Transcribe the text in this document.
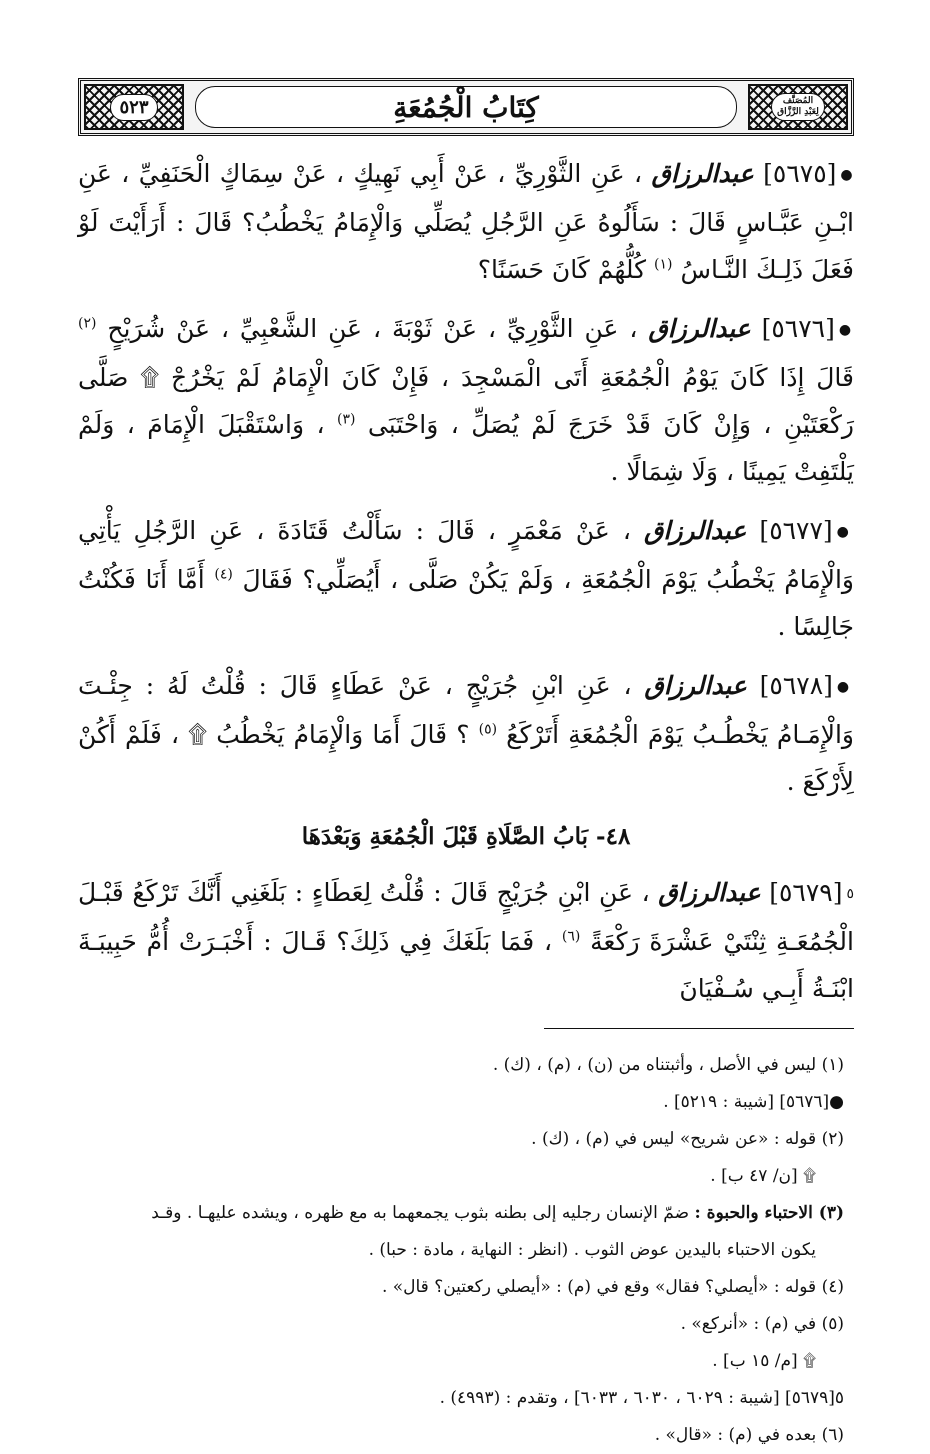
٥٢٣	كِتَابُ الْجُمُعَةِ	المُصَنَّف
لِعَبْدِ الرَّزَّاق

●[٥٦٧٥] عبدالرزاق ، عَنِ الثَّوْرِيِّ ، عَنْ أَبِي نَهِيكٍ ، عَنْ سِمَاكٍ الْحَنَفِيِّ ، عَنِ ابْـنِ عَبَّـاسٍ قَالَ : سَأَلُوهُ عَنِ الرَّجُلِ يُصَلِّي وَالْإِمَامُ يَخْطُبُ؟ قَالَ : أَرَأَيْتَ لَوْ فَعَلَ ذَلِـكَ النَّـاسُ $^{(١)}$ كُلُّهُمْ كَانَ حَسَنًا؟

●[٥٦٧٦] عبدالرزاق ، عَنِ الثَّوْرِيِّ ، عَنْ ثَوْبَةَ ، عَنِ الشَّعْبِيِّ ، عَنْ شُرَيْحٍ $^{(٢)}$ قَالَ إِذَا كَانَ يَوْمُ الْجُمُعَةِ أَتَى الْمَسْجِدَ ، فَإِنْ كَانَ الْإِمَامُ لَمْ يَخْرُجْ ۩ صَلَّى رَكْعَتَيْنِ ، وَإِنْ كَانَ قَدْ خَرَجَ لَمْ يُصَلِّ ، وَاحْتَبَى $^{(٣)}$ ، وَاسْتَقْبَلَ الْإِمَامَ ، وَلَمْ يَلْتَفِتْ يَمِينًا ، وَلَا شِمَالًا .

●[٥٦٧٧] عبدالرزاق ، عَنْ مَعْمَرٍ ، قَالَ : سَأَلْتُ قَتَادَةَ ، عَنِ الرَّجُلِ يَأْتِي وَالْإِمَامُ يَخْطُبُ يَوْمَ الْجُمُعَةِ ، وَلَمْ يَكُنْ صَلَّى ، أَيُصَلِّي؟ فَقَالَ $^{(٤)}$ أَمَّا أَنَا فَكُنْتُ جَالِسًا .

●[٥٦٧٨] عبدالرزاق ، عَنِ ابْنِ جُرَيْجٍ ، عَنْ عَطَاءٍ قَالَ : قُلْتُ لَهُ : جِئْـتَ وَالْإِمَـامُ يَخْطُـبُ يَوْمَ الْجُمُعَةِ أَتَرْكَعُ $^{(٥)}$ ؟ قَالَ أَمَا وَالْإِمَامُ يَخْطُبُ ۩ ، فَلَمْ أَكُنْ لِأَرْكَعَ .

٤٨- بَابُ الصَّلَاةِ قَبْلَ الْجُمُعَةِ وَبَعْدَهَا

٥[٥٦٧٩] عبدالرزاق ، عَنِ ابْنِ جُرَيْجٍ قَالَ : قُلْتُ لِعَطَاءٍ : بَلَغَنِي أَنَّكَ تَرْكَعُ قَبْـلَ الْجُمُعَـةِ ثِنْتَيْ عَشْرَةَ رَكْعَةً $^{(٦)}$ ، فَمَا بَلَغَكَ فِي ذَلِكَ؟ قَـالَ : أَخْبَـرَتْ أُمُّ حَبِيبَـةَ ابْنَـةُ أَبِـي سُـفْيَانَ

(١) ليس في الأصل ، وأثبتناه من (ن) ، (م) ، (ك) .

●[٥٦٧٦] [شيبة : ٥٢١٩] .

(٢) قوله : «عن شريح» ليس في (م) ، (ك) .

۩ [ن/ ٤٧ ب] .

(٣) الاحتباء والحبوة : ضمّ الإنسان رجليه إلى بطنه بثوب يجمعهما به مع ظهره ، ويشده عليهـا . وقـد

يكون الاحتباء باليدين عوض الثوب . (انظر : النهاية ، مادة : حبا) .

(٤) قوله : «أيصلي؟ فقال» وقع في (م) : «أيصلي ركعتين؟ قال» .

(٥) في (م) : «أنركع» .

۩ [م/ ١٥ ب] .

٥[٥٦٧٩] [شيبة : ٦٠٢٩ ، ٦٠٣٠ ، ٦٠٣٣] ، وتقدم : (٤٩٩٣) .

(٦) بعده في (م) : «قال» .
